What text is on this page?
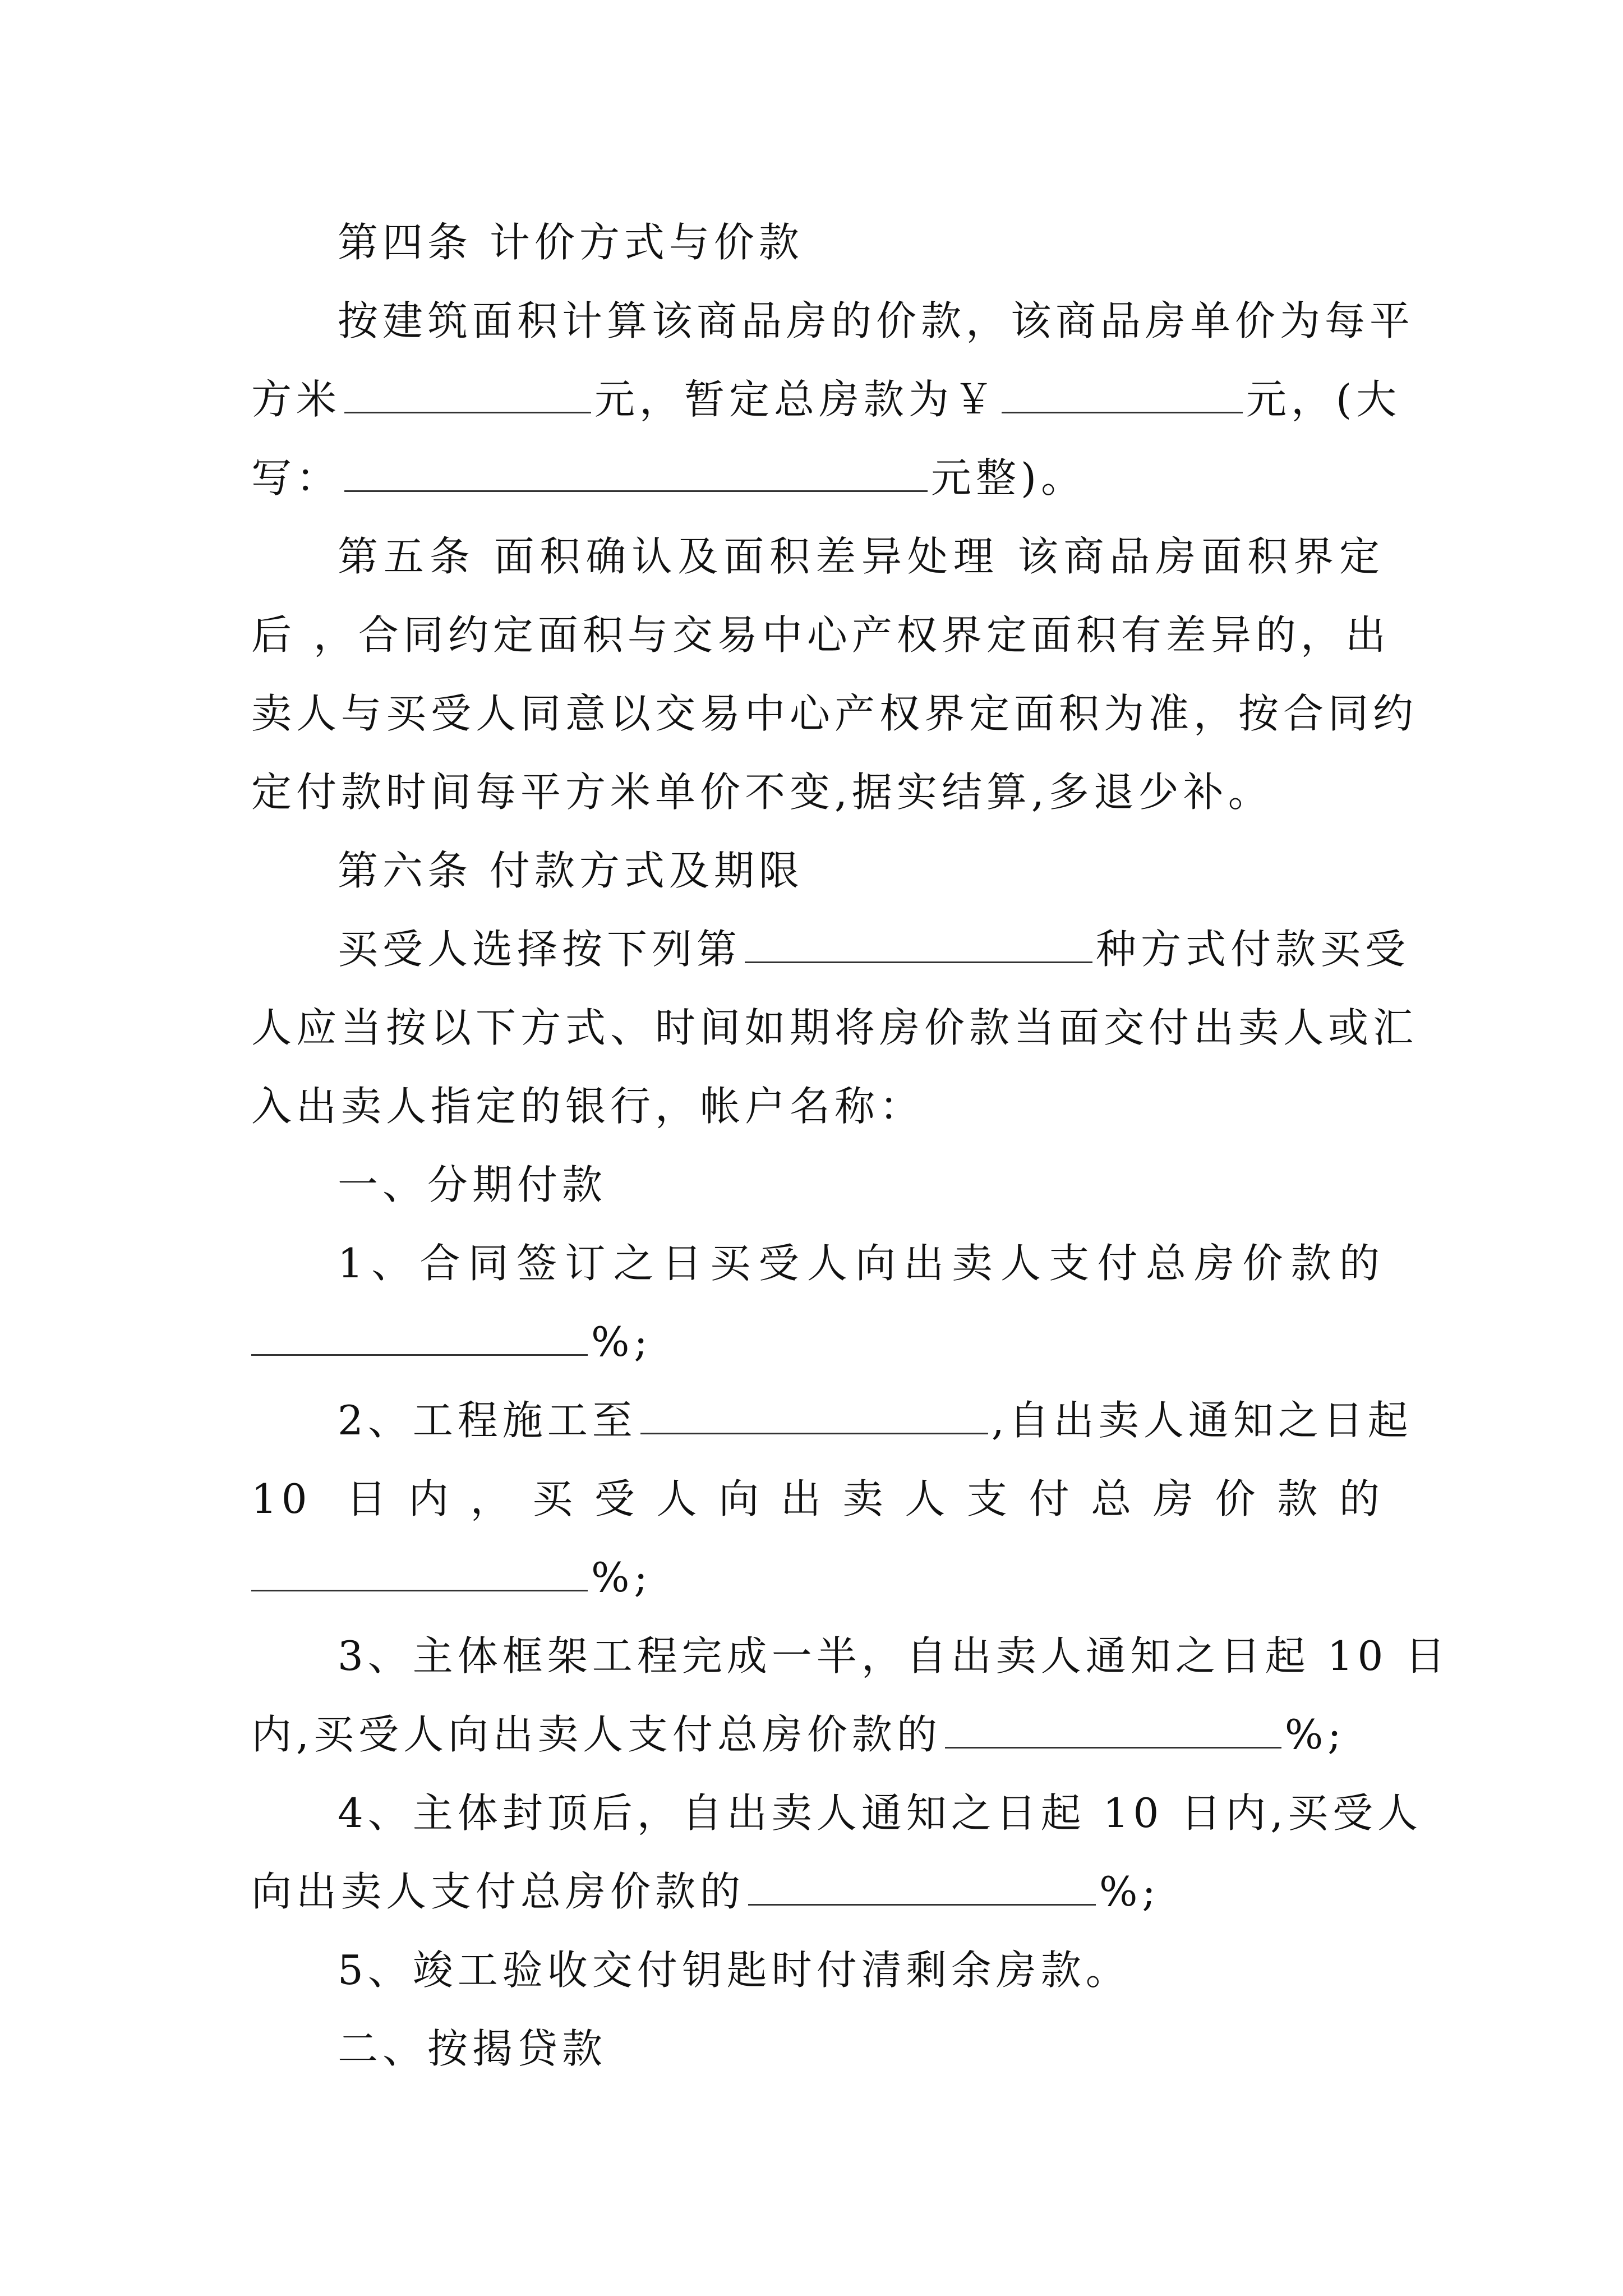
第四条 计价方式与价款
按建筑面积计算该商品房的价款，该商品房单价为每平
方米	元，暂定总房款为￥	元，(大
写：	元整)。
第五条 面积确认及面积差异处理 该商品房面积界定
后 ，合同约定面积与交易中心产权界定面积有差异的，出
卖人与买受人同意以交易中心产权界定面积为准，按合同约
定付款时间每平方米单价不变,据实结算,多退少补。
第六条 付款方式及期限
买受人选择按下列第	种方式付款买受
人应当按以下方式、时间如期将房价款当面交付出卖人或汇
入出卖人指定的银行，帐户名称：
一、分期付款
1、合同签订之日买受人向出卖人支付总房价款的
%;
2、工程施工至	,自出卖人通知之日起
10 日内，买受人向出卖人支付总房价款的
%;
3、主体框架工程完成一半，自出卖人通知之日起 10 日
内,买受人向出卖人支付总房价款的	%;
4、主体封顶后，自出卖人通知之日起 10 日内,买受人
向出卖人支付总房价款的	%;
5、竣工验收交付钥匙时付清剩余房款。
二、按揭贷款
